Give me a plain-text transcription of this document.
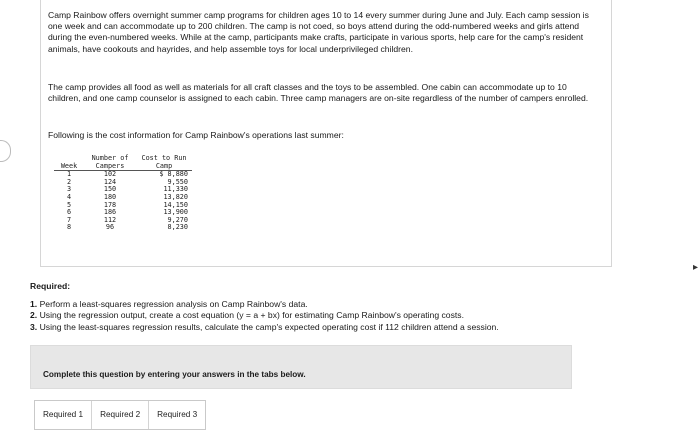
▸

Camp Rainbow offers overnight summer camp programs for children ages 10 to 14 every summer during June and July. Each camp session is one week and can accommodate up to 200 children. The camp is not coed, so boys attend during the odd-numbered weeks and girls attend during the even-numbered weeks. While at the camp, participants make crafts, participate in various sports, help care for the camp's resident animals, have cookouts and hayrides, and help assemble toys for local underprivileged children.

The camp provides all food as well as materials for all craft classes and the toys to be assembled. One cabin can accommodate up to 10 children, and one camp counselor is assigned to each cabin. Three camp managers are on-site regardless of the number of campers enrolled.

Following is the cost information for Camp Rainbow's operations last summer:

	Number of	Cost to Run
Week	Campers	Camp
1	102	$ 8,880
2	124	9,550
3	150	11,330
4	180	13,820
5	178	14,150
6	186	13,900
7	112	9,270
8	96	8,230

Required:

1. Perform a least-squares regression analysis on Camp Rainbow's data.
2. Using the regression output, create a cost equation (y = a + bx) for estimating Camp Rainbow's operating costs.
3. Using the least-squares regression results, calculate the camp's expected operating cost if 112 children attend a session.
Complete this question by entering your answers in the tabs below.
Required 1	Required 2	Required 3
